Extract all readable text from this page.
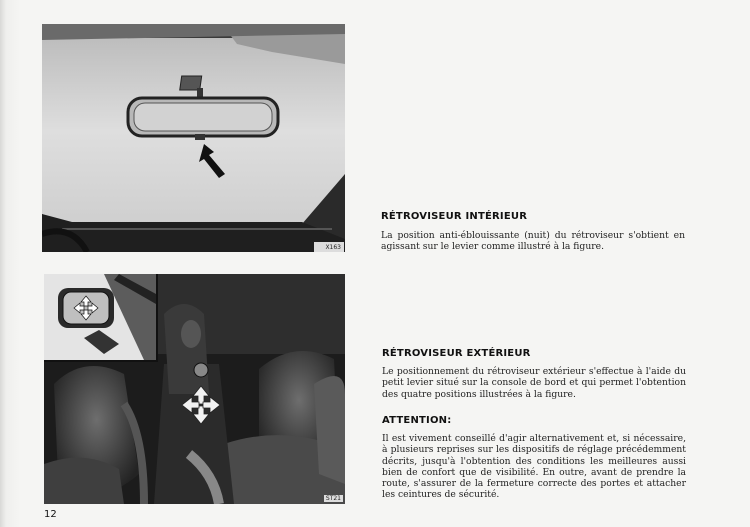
X163
ST21
RÉTROVISEUR INTÉRIEUR

La position anti-éblouissante (nuit) du rétroviseur s'obtient en agissant sur le levier comme illustré à la figure.

RÉTROVISEUR EXTÉRIEUR

Le positionnement du rétroviseur extérieur s'effectue à l'aide du petit levier situé sur la console de bord et qui permet l'obtention des quatre positions illustrées à la figure.

ATTENTION:

Il est vivement conseillé d'agir alternativement et, si nécessaire, à plusieurs reprises sur les dispositifs de réglage précédemment décrits, jusqu'à l'obtention des conditions les meilleures aussi bien de confort que de visibilité. En outre, avant de prendre la route, s'assurer de la fermeture correcte des portes et attacher les ceintures de sécurité.

12
